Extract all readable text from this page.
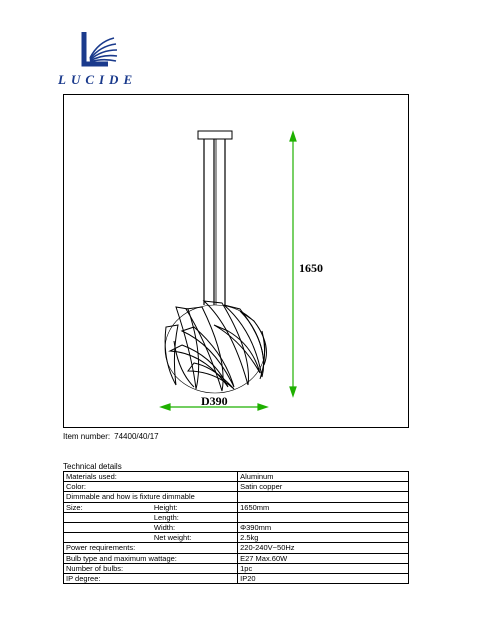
LUCIDE
1650
D390
Item number: 74400/40/17
Technical details
Materials used:		Aluminum
Color:		Satin copper
Dimmable and how is fixture dimmable		
Size:	Height:	1650mm
	Length:	
	Width:	Φ390mm
	Net weight:	2.5kg
Power requirements:		220-240V~50Hz
Bulb type and maximum wattage:		E27 Max.60W
Number of bulbs:		1pc
IP degree:		IP20
